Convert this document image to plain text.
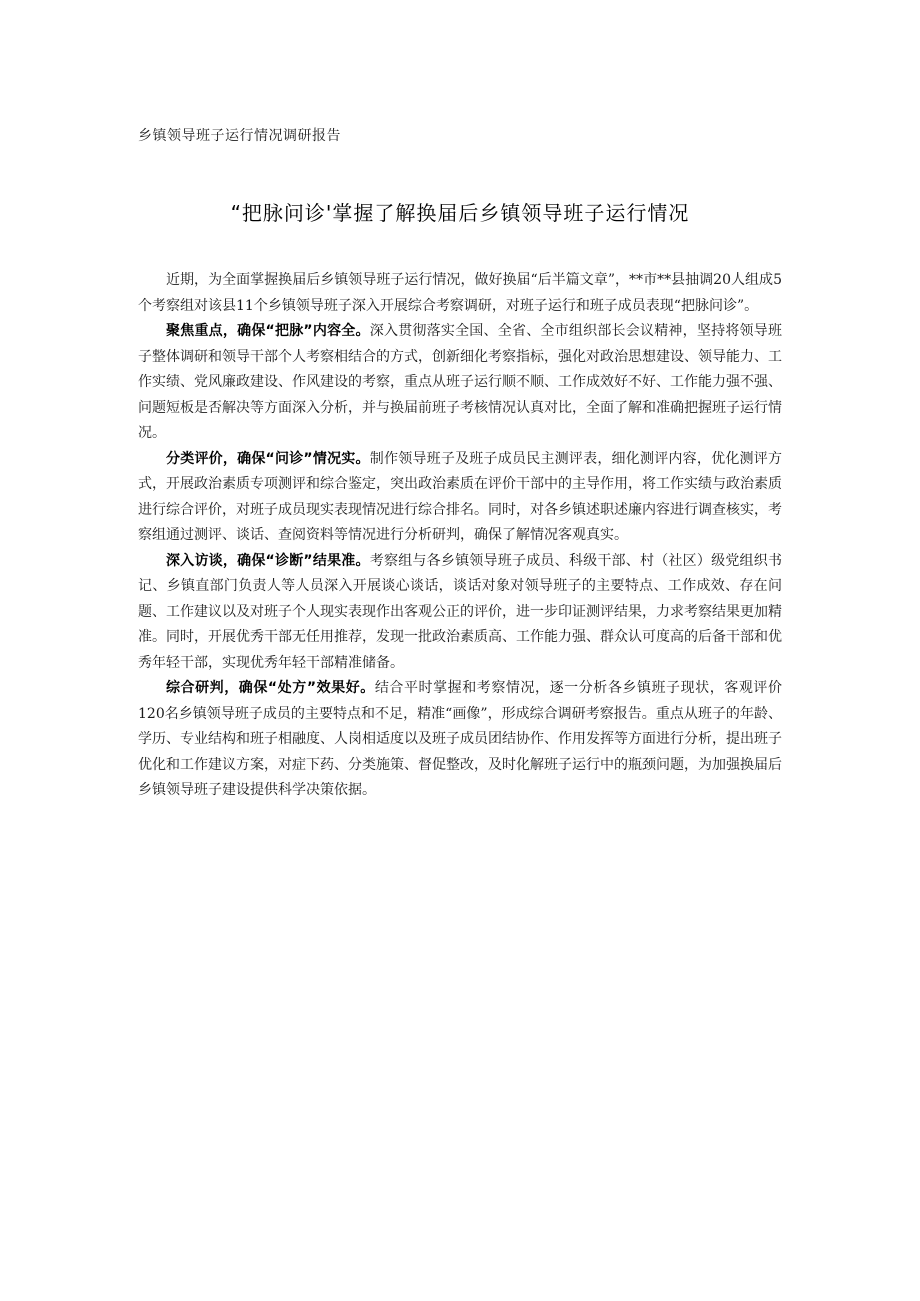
乡镇领导班子运行情况调研报告
“把脉问诊'掌握了解换届后乡镇领导班子运行情况

近期，为全面掌握换届后乡镇领导班子运行情况，做好换届“后半篇文章”，**市**县抽调20人组成5个考察组对该县11个乡镇领导班子深入开展综合考察调研，对班子运行和班子成员表现“把脉问诊”。

聚焦重点，确保“把脉”内容全。深入贯彻落实全国、全省、全市组织部长会议精神，坚持将领导班子整体调研和领导干部个人考察相结合的方式，创新细化考察指标，强化对政治思想建设、领导能力、工作实绩、党风廉政建设、作风建设的考察，重点从班子运行顺不顺、工作成效好不好、工作能力强不强、问题短板是否解决等方面深入分析，并与换届前班子考核情况认真对比，全面了解和准确把握班子运行情况。

分类评价，确保“问诊”情况实。制作领导班子及班子成员民主测评表，细化测评内容，优化测评方式，开展政治素质专项测评和综合鉴定，突出政治素质在评价干部中的主导作用，将工作实绩与政治素质进行综合评价，对班子成员现实表现情况进行综合排名。同时，对各乡镇述职述廉内容进行调查核实，考察组通过测评、谈话、查阅资料等情况进行分析研判，确保了解情况客观真实。

深入访谈，确保“诊断”结果准。考察组与各乡镇领导班子成员、科级干部、村（社区）级党组织书记、乡镇直部门负责人等人员深入开展谈心谈话，谈话对象对领导班子的主要特点、工作成效、存在问题、工作建议以及对班子个人现实表现作出客观公正的评价，进一步印证测评结果，力求考察结果更加精准。同时，开展优秀干部无任用推荐，发现一批政治素质高、工作能力强、群众认可度高的后备干部和优秀年轻干部，实现优秀年轻干部精准储备。

综合研判，确保“处方”效果好。结合平时掌握和考察情况，逐一分析各乡镇班子现状，客观评价120名乡镇领导班子成员的主要特点和不足，精准“画像”，形成综合调研考察报告。重点从班子的年龄、学历、专业结构和班子相融度、人岗相适度以及班子成员团结协作、作用发挥等方面进行分析，提出班子优化和工作建议方案，对症下药、分类施策、督促整改，及时化解班子运行中的瓶颈问题，为加强换届后乡镇领导班子建设提供科学决策依据。
